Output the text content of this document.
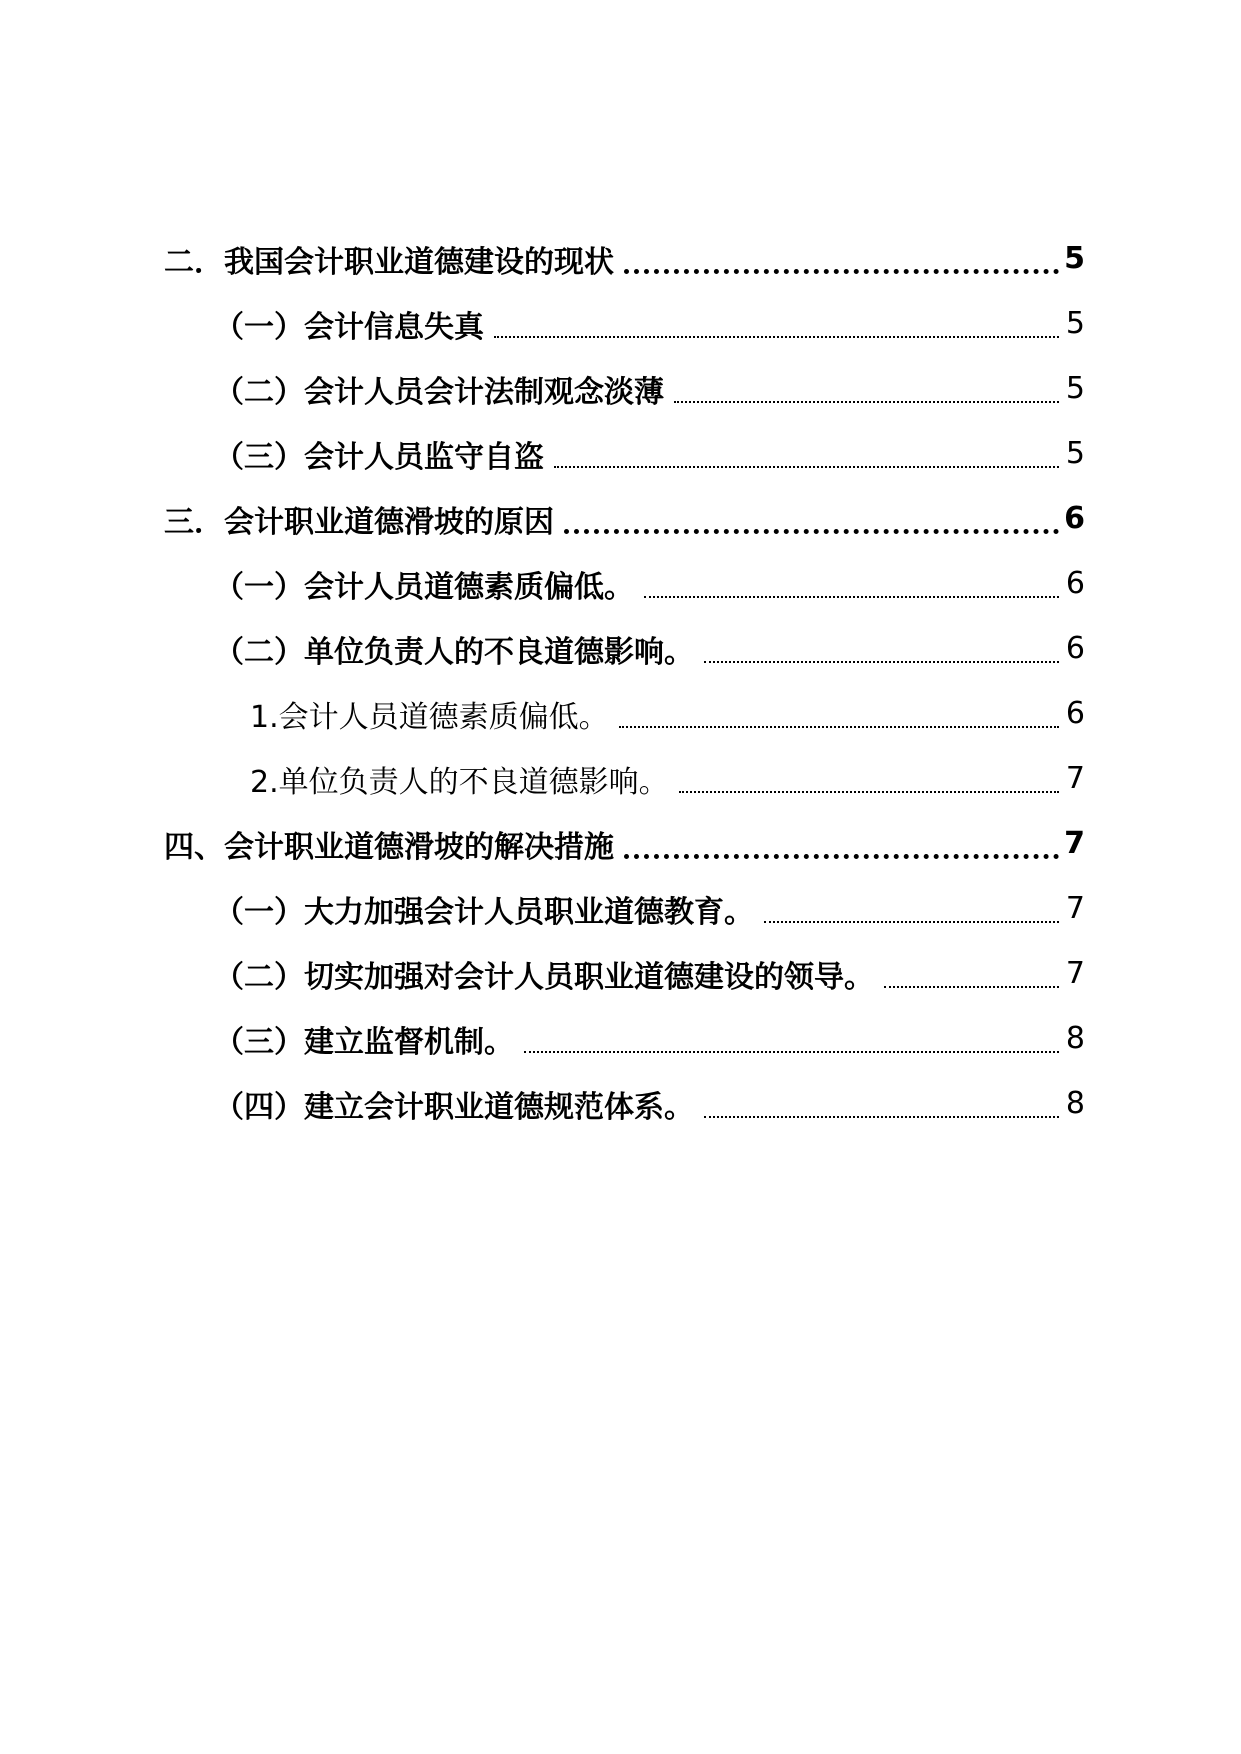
二．我国会计职业道德建设的现状	5
（一）会计信息失真	5
（二）会计人员会计法制观念淡薄	5
（三）会计人员监守自盗	5
三．会计职业道德滑坡的原因	6
（一）会计人员道德素质偏低。	6
（二）单位负责人的不良道德影响。	6
1.会计人员道德素质偏低。	6
2.单位负责人的不良道德影响。	7
四、会计职业道德滑坡的解决措施	7
（一）大力加强会计人员职业道德教育。	7
（二）切实加强对会计人员职业道德建设的领导。	7
（三）建立监督机制。	8
（四）建立会计职业道德规范体系。	8
